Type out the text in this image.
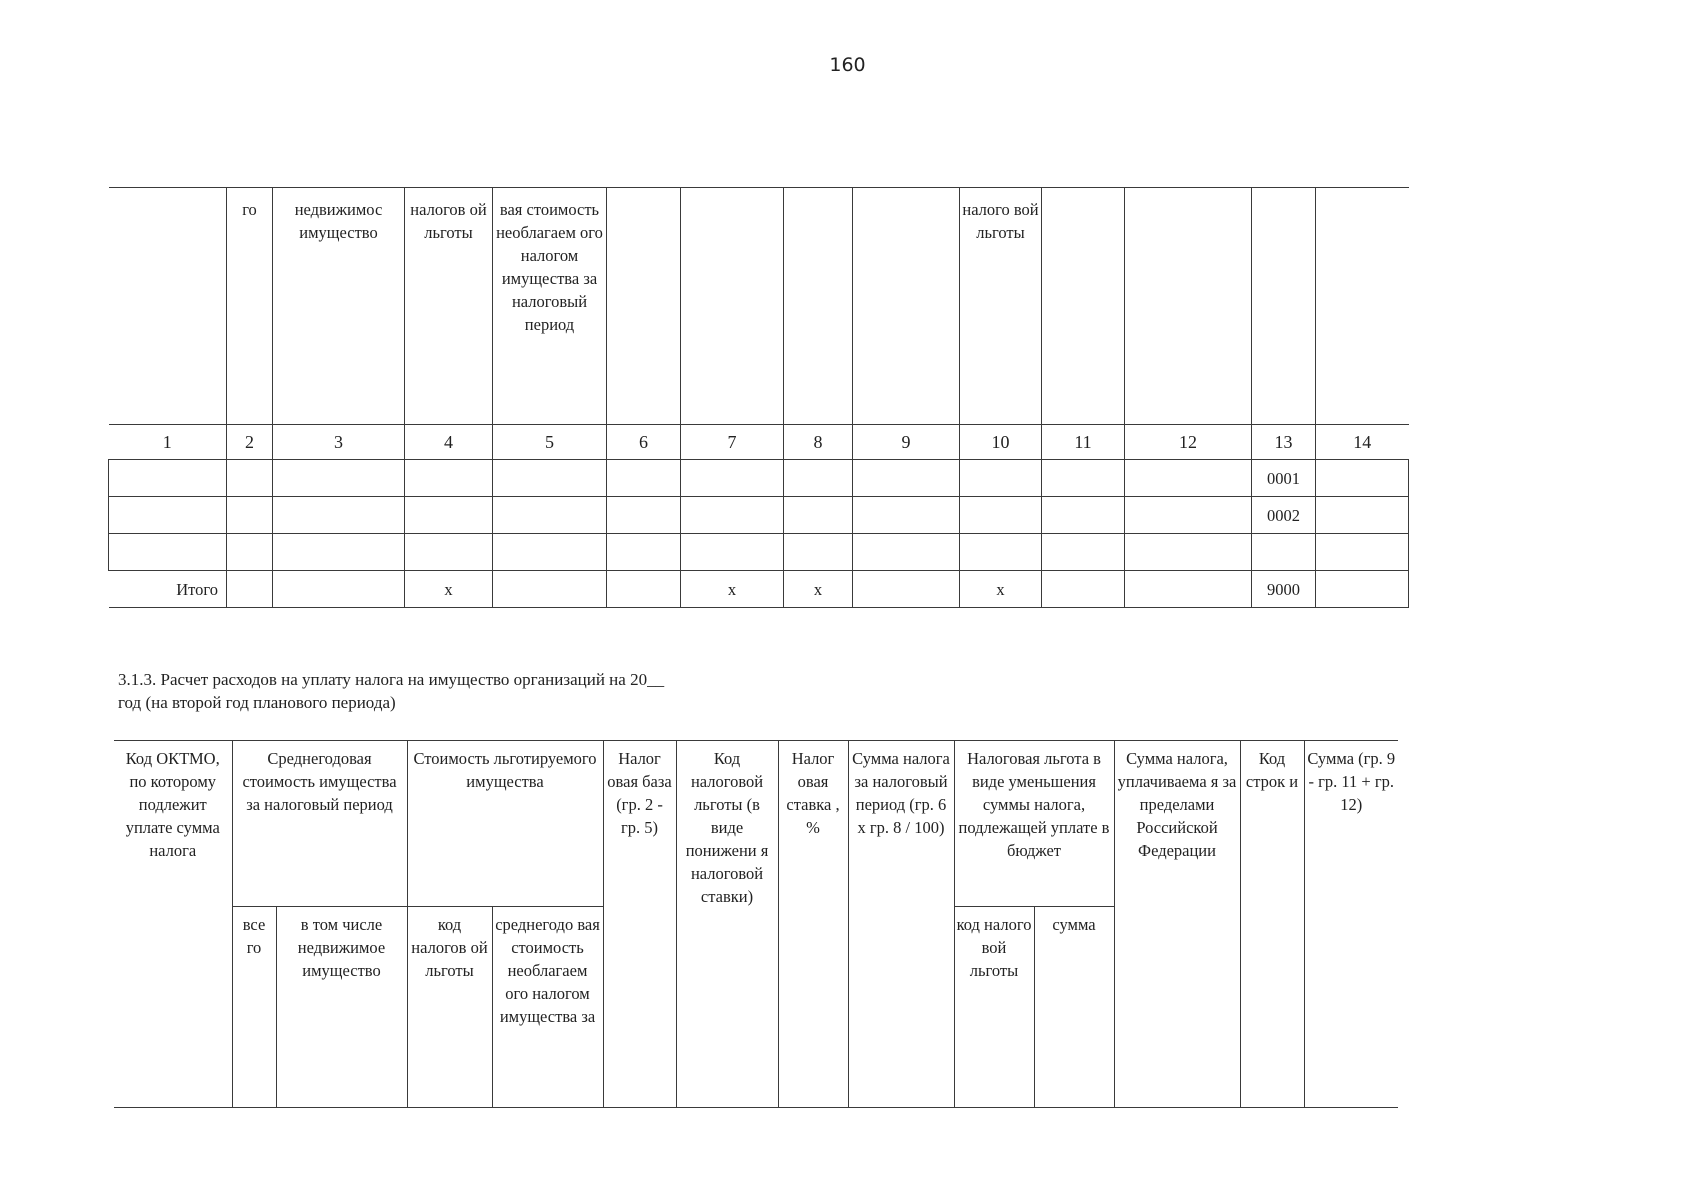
160
	го	недвижимос имущество	налогов ой льготы	вая стоимость необлагаем ого налогом имущества за налоговый период					налого вой льготы				
1	2	3	4	5	6	7	8	9	10	11	12	13	14
												0001	
												0002	

Итого			x			x	x		x			9000	
3.1.3. Расчет расходов на уплату налога на имущество организаций на 20__
год (на второй год планового периода)
Код ОКТМО, по которому подлежит уплате сумма налога	Среднегодовая стоимость имущества за налоговый период		Стоимость льготируемого имущества		Налог овая база (гр. 2 - гр. 5)	Код налоговой льготы (в виде понижени я налоговой ставки)	Налог овая ставка , %	Сумма налога за налоговый период (гр. 6 х гр. 8 / 100)	Налоговая льгота в виде уменьшения суммы налога, подлежащей уплате в бюджет		Сумма налога, уплачиваема я за пределами Российской Федерации	Код строк и	Сумма (гр. 9 - гр. 11 + гр. 12)
	все го	в том числе недвижимое имущество	код налогов ой льготы	среднегодо вая стоимость необлагаем ого налогом имущества за					код налого вой льготы	сумма			
